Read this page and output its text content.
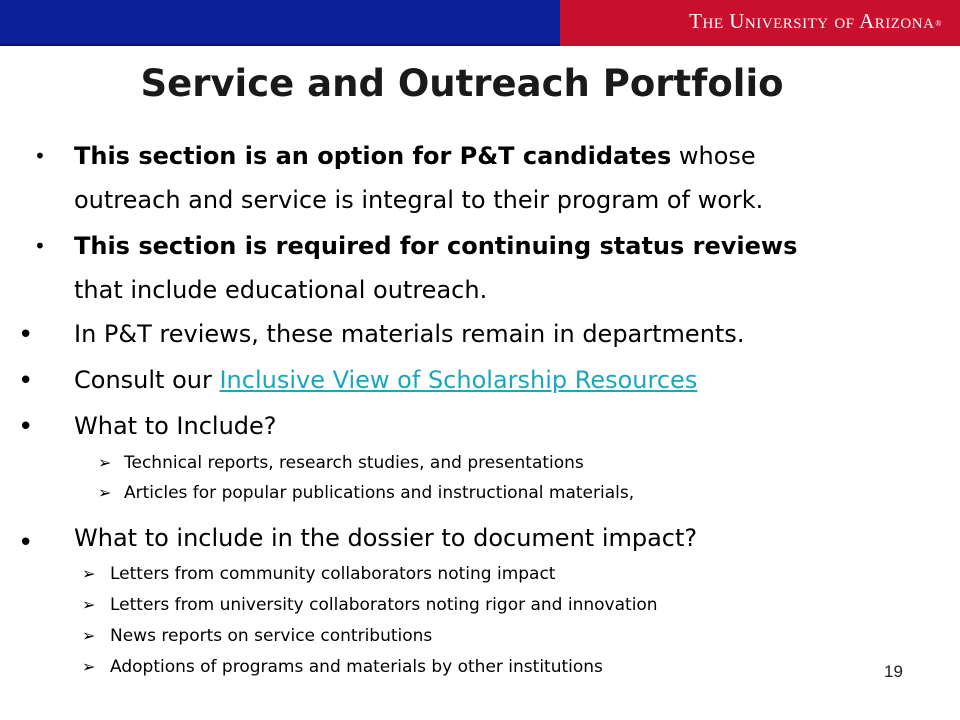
The University of Arizona®
Service and Outreach Portfolio
• This section is an option for P&T candidates whose
outreach and service is integral to their program of work.
• This section is required for continuing status reviews
that include educational outreach.
• In P&T reviews, these materials remain in departments.
• Consult our Inclusive View of Scholarship Resources
• What to Include?
➢ Technical reports, research studies, and presentations
➢ Articles for popular publications and instructional materials,
• What to include in the dossier to document impact?
➢ Letters from community collaborators noting impact
➢ Letters from university collaborators noting rigor and innovation
➢ News reports on service contributions
➢ Adoptions of programs and materials by other institutions	19
